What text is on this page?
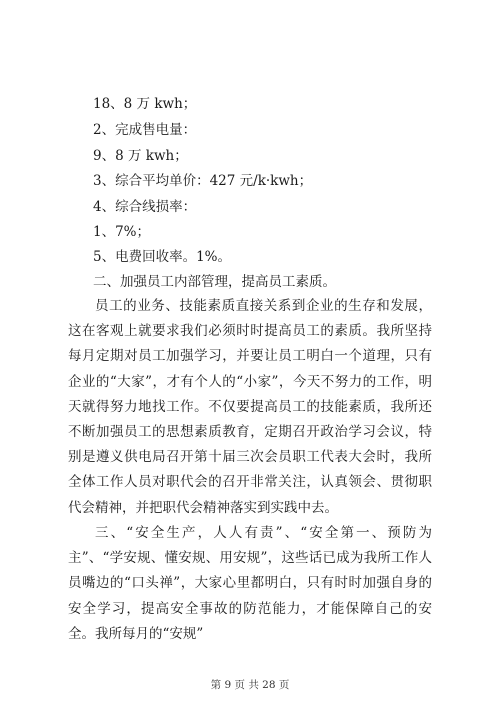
18、8 万 kwh；
2、完成售电量：
9、8 万 kwh；
3、综合平均单价：427 元/k·kwh；
4、综合线损率：
1、7%；
5、电费回收率。1%。
二、加强员工内部管理，提高员工素质。

员工的业务、技能素质直接关系到企业的生存和发展，这在客观上就要求我们必须时时提高员工的素质。我所坚持每月定期对员工加强学习，并要让员工明白一个道理，只有企业的“大家”，才有个人的“小家”，今天不努力的工作，明天就得努力地找工作。不仅要提高员工的技能素质，我所还不断加强员工的思想素质教育，定期召开政治学习会议，特别是遵义供电局召开第十届三次会员职工代表大会时，我所全体工作人员对职代会的召开非常关注，认真领会、贯彻职代会精神，并把职代会精神落实到实践中去。

三、“安全生产，人人有责”、“安全第一、预防为主”、“学安规、懂安规、用安规”，这些话已成为我所工作人员嘴边的“口头禅”，大家心里都明白，只有时时加强自身的安全学习，提高安全事故的防范能力，才能保障自己的安全。我所每月的“安规”

第 9 页 共 28 页
